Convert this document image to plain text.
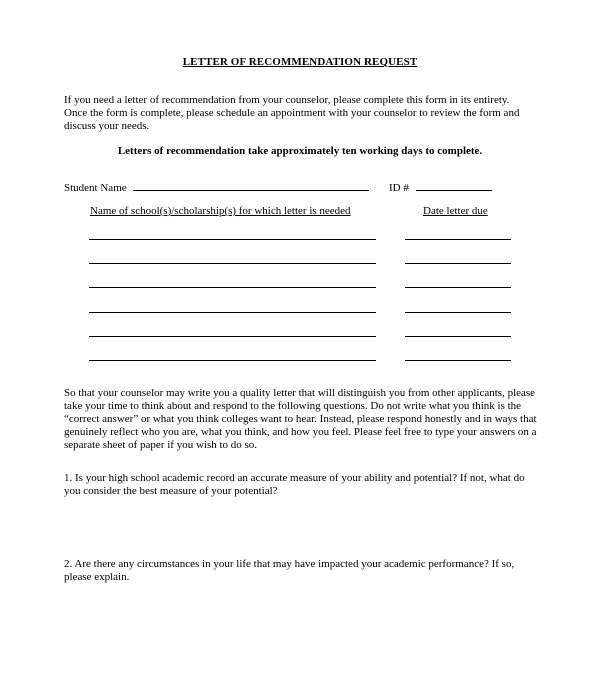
LETTER OF RECOMMENDATION REQUEST
If you need a letter of recommendation from your counselor, please complete this form in its entirety. Once the form is complete, please schedule an appointment with your counselor to review the form and discuss your needs.
Letters of recommendation take approximately ten working days to complete.
Student Name	ID #
Name of school(s)/scholarship(s) for which letter is needed	Date letter due
So that your counselor may write you a quality letter that will distinguish you from other applicants, please take your time to think about and respond to the following questions. Do not write what you think is the “correct answer” or what you think colleges want to hear. Instead, please respond honestly and in ways that genuinely reflect who you are, what you think, and how you feel. Please feel free to type your answers on a separate sheet of paper if you wish to do so.
1. Is your high school academic record an accurate measure of your ability and potential? If not, what do you consider the best measure of your potential?
2. Are there any circumstances in your life that may have impacted your academic performance? If so, please explain.
